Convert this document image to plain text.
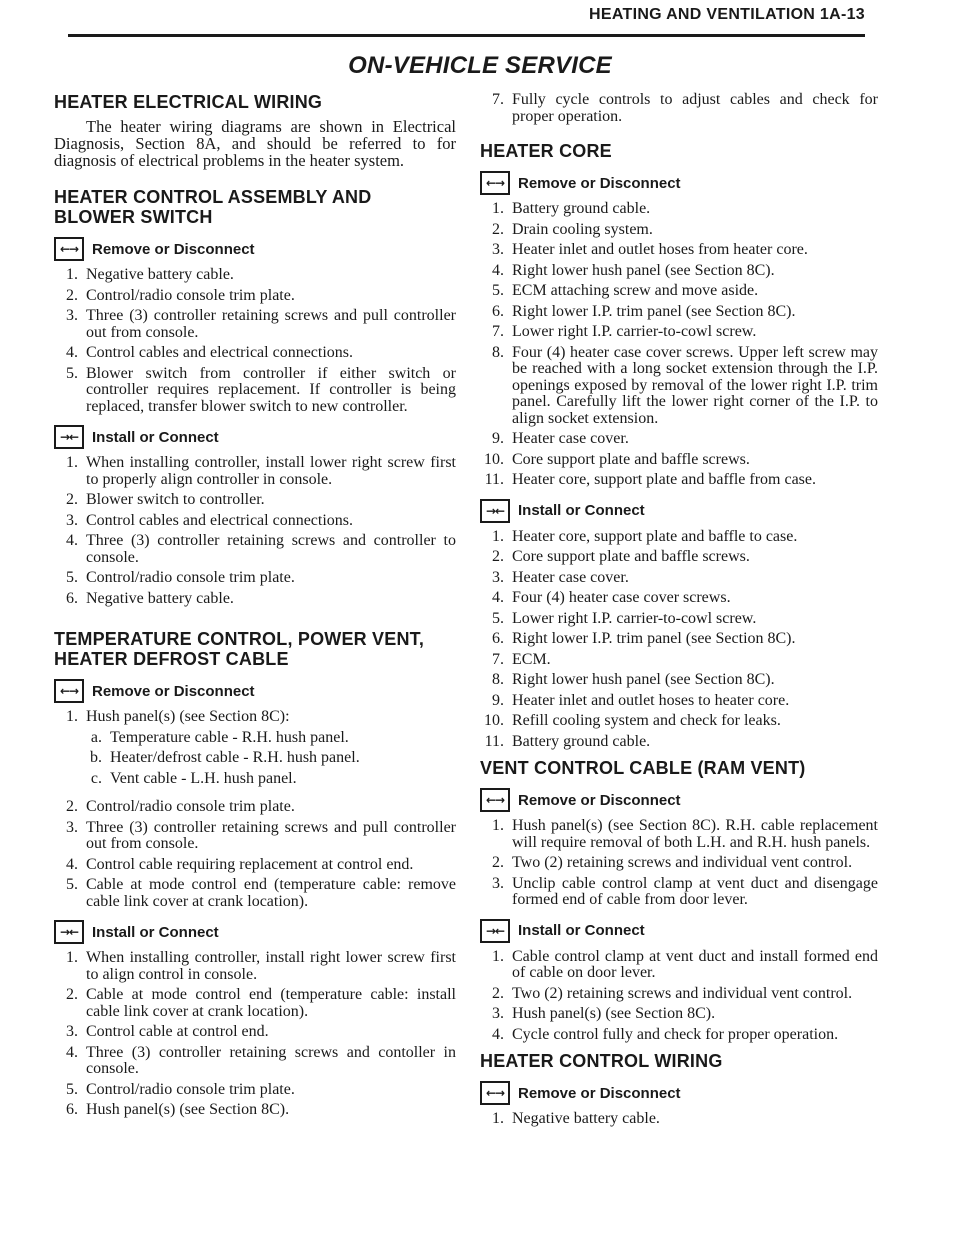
HEATING AND VENTILATION 1A-13
ON-VEHICLE SERVICE
HEATER ELECTRICAL WIRING

The heater wiring diagrams are shown in Electrical Diagnosis, Section 8A, and should be referred to for diagnosis of electrical problems in the heater system.

HEATER CONTROL ASSEMBLY AND BLOWER SWITCH
←→ Remove or Disconnect
1. Negative battery cable.
2. Control/radio console trim plate.
3. Three (3) controller retaining screws and pull controller out from console.
4. Control cables and electrical connections.
5. Blower switch from controller if either switch or controller requires replacement. If controller is being replaced, transfer blower switch to new controller.
→← Install or Connect
1. When installing controller, install lower right screw first to properly align controller in console.
2. Blower switch to controller.
3. Control cables and electrical connections.
4. Three (3) controller retaining screws and controller to console.
5. Control/radio console trim plate.
6. Negative battery cable.
TEMPERATURE CONTROL, POWER VENT, HEATER DEFROST CABLE
←→ Remove or Disconnect
1. Hush panel(s) (see Section 8C):
a. Temperature cable - R.H. hush panel.
b. Heater/defrost cable - R.H. hush panel.
c. Vent cable - L.H. hush panel.
2. Control/radio console trim plate.
3. Three (3) controller retaining screws and pull controller out from console.
4. Control cable requiring replacement at control end.
5. Cable at mode control end (temperature cable: remove cable link cover at crank location).
→← Install or Connect
1. When installing controller, install right lower screw first to align control in console.
2. Cable at mode control end (temperature cable: install cable link cover at crank location).
3. Control cable at control end.
4. Three (3) controller retaining screws and contoller in console.
5. Control/radio console trim plate.
6. Hush panel(s) (see Section 8C).
7. Fully cycle controls to adjust cables and check for proper operation.
HEATER CORE
←→ Remove or Disconnect
1. Battery ground cable.
2. Drain cooling system.
3. Heater inlet and outlet hoses from heater core.
4. Right lower hush panel (see Section 8C).
5. ECM attaching screw and move aside.
6. Right lower I.P. trim panel (see Section 8C).
7. Lower right I.P. carrier-to-cowl screw.
8. Four (4) heater case cover screws. Upper left screw may be reached with a long socket extension through the I.P. openings exposed by removal of the lower right I.P. trim panel. Carefully lift the lower right corner of the I.P. to align socket extension.
9. Heater case cover.
10. Core support plate and baffle screws.
11. Heater core, support plate and baffle from case.
→← Install or Connect
1. Heater core, support plate and baffle to case.
2. Core support plate and baffle screws.
3. Heater case cover.
4. Four (4) heater case cover screws.
5. Lower right I.P. carrier-to-cowl screw.
6. Right lower I.P. trim panel (see Section 8C).
7. ECM.
8. Right lower hush panel (see Section 8C).
9. Heater inlet and outlet hoses to heater core.
10. Refill cooling system and check for leaks.
11. Battery ground cable.
VENT CONTROL CABLE (RAM VENT)
←→ Remove or Disconnect
1. Hush panel(s) (see Section 8C). R.H. cable replacement will require removal of both L.H. and R.H. hush panels.
2. Two (2) retaining screws and individual vent control.
3. Unclip cable control clamp at vent duct and disengage formed end of cable from door lever.
→← Install or Connect
1. Cable control clamp at vent duct and install formed end of cable on door lever.
2. Two (2) retaining screws and individual vent control.
3. Hush panel(s) (see Section 8C).
4. Cycle control fully and check for proper operation.
HEATER CONTROL WIRING
←→ Remove or Disconnect
1. Negative battery cable.
